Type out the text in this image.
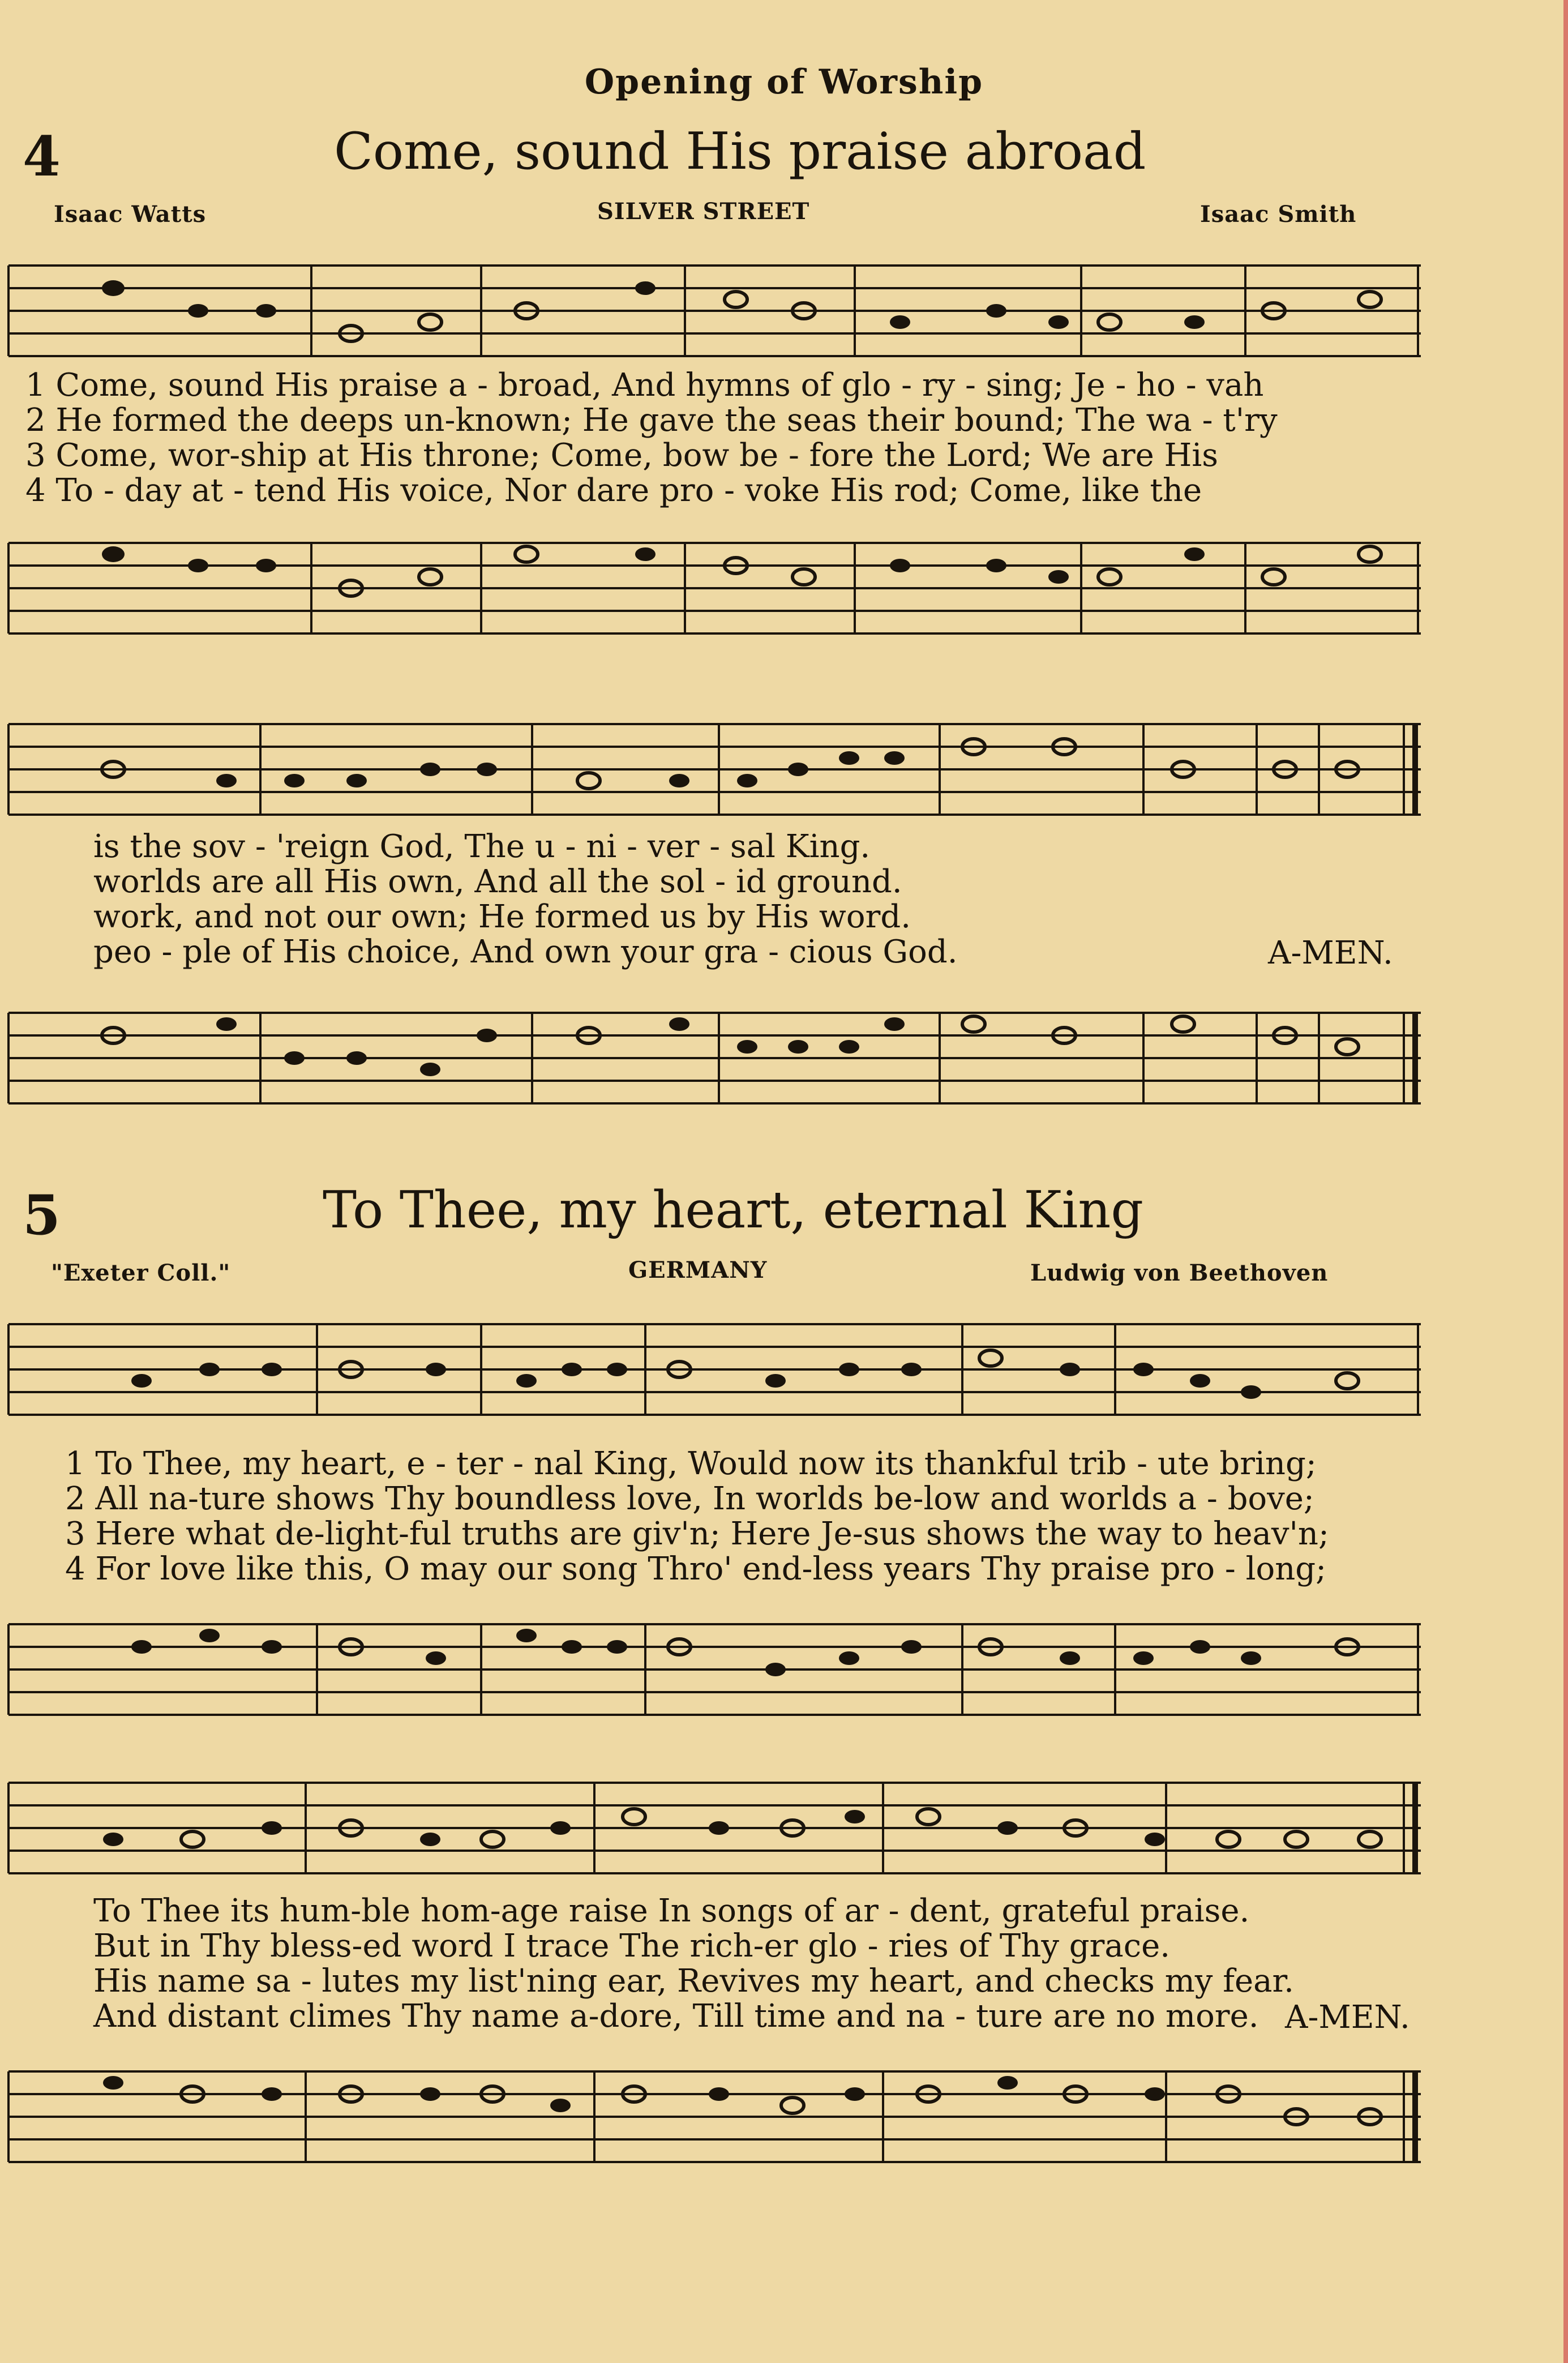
Opening of Worship
4	Come, sound His praise abroad
Isaac Watts	SILVER STREET	Isaac Smith
1 Come, sound His praise a - broad, And hymns of glo - ry - sing; Je - ho - vah
2 He formed the deeps un-known; He gave the seas their bound; The wa - t'ry
3 Come, wor-ship at His throne; Come, bow be - fore the Lord; We are His
4 To - day at - tend His voice, Nor dare pro - voke His rod; Come, like the
is the sov - 'reign God, The u - ni - ver - sal King.
worlds are all His own, And all the sol - id ground.
work, and not our own; He formed us by His word.
peo - ple of His choice, And own your gra - cious God.	A-MEN.
5	To Thee, my heart, eternal King
"Exeter Coll."	GERMANY	Ludwig von Beethoven
1 To Thee, my heart, e - ter - nal King, Would now its thankful trib - ute bring;
2 All na-ture shows Thy boundless love, In worlds be-low and worlds a - bove;
3 Here what de-light-ful truths are giv'n; Here Je-sus shows the way to heav'n;
4 For love like this, O may our song Thro' end-less years Thy praise pro - long;
To Thee its hum-ble hom-age raise In songs of ar - dent, grateful praise.
But in Thy bless-ed word I trace The rich-er glo - ries of Thy grace.
His name sa - lutes my list'ning ear, Revives my heart, and checks my fear.
And distant climes Thy name a-dore, Till time and na - ture are no more. A-MEN.
